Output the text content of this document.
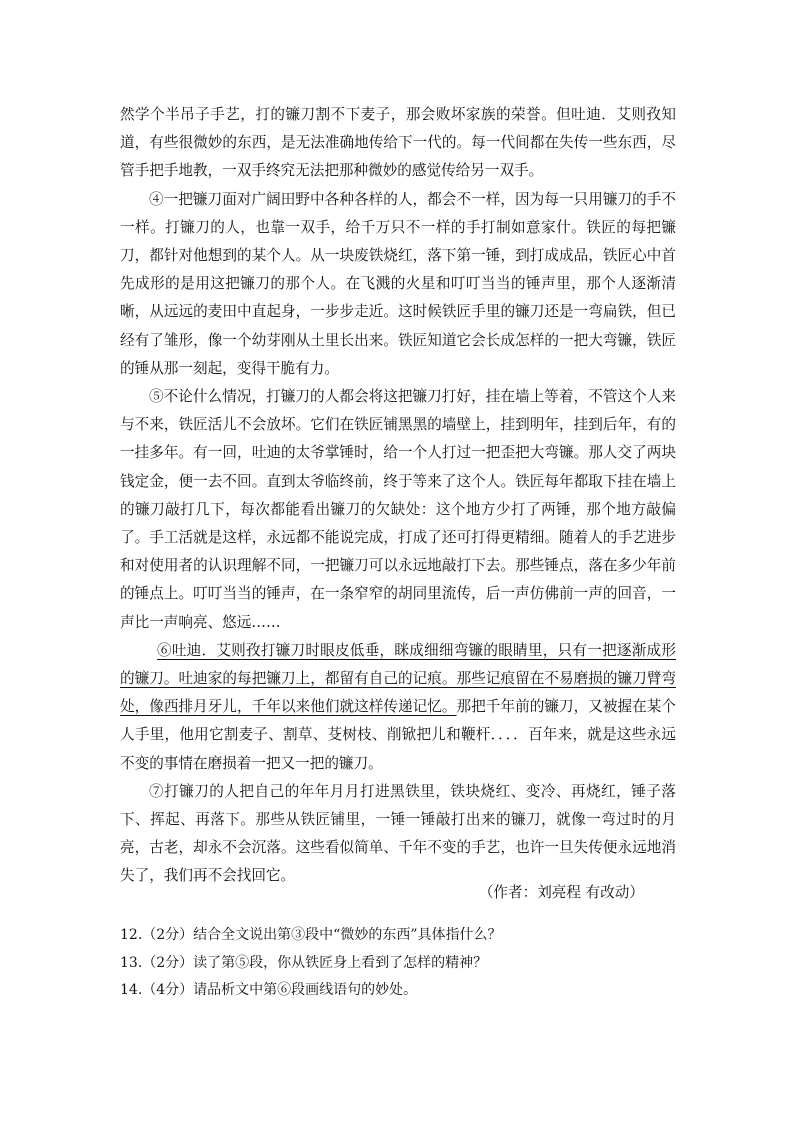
然学个半吊子手艺，打的镰刀割不下麦子，那会败坏家族的荣誉。但吐迪．艾则孜知道，有些很微妙的东西，是无法准确地传给下一代的。每一代间都在失传一些东西，尽管手把手地教，一双手终究无法把那种微妙的感觉传给另一双手。

④一把镰刀面对广阔田野中各种各样的人，都会不一样，因为每一只用镰刀的手不一样。打镰刀的人，也靠一双手，给千万只不一样的手打制如意家什。铁匠的每把镰刀，都针对他想到的某个人。从一块废铁烧红，落下第一锤，到打成成品，铁匠心中首先成形的是用这把镰刀的那个人。在飞溅的火星和叮叮当当的锤声里，那个人逐渐清晰，从远远的麦田中直起身，一步步走近。这时候铁匠手里的镰刀还是一弯扁铁，但已经有了雏形，像一个幼芽刚从土里长出来。铁匠知道它会长成怎样的一把大弯镰，铁匠的锤从那一刻起，变得干脆有力。

⑤不论什么情况，打镰刀的人都会将这把镰刀打好，挂在墙上等着，不管这个人来与不来，铁匠活儿不会放坏。它们在铁匠铺黑黑的墙壁上，挂到明年，挂到后年，有的一挂多年。有一回，吐迪的太爷掌锤时，给一个人打过一把歪把大弯镰。那人交了两块钱定金，便一去不回。直到太爷临终前，终于等来了这个人。铁匠每年都取下挂在墙上的镰刀敲打几下，每次都能看出镰刀的欠缺处：这个地方少打了两锤，那个地方敲偏了。手工活就是这样，永远都不能说完成，打成了还可打得更精细。随着人的手艺进步和对使用者的认识理解不同，一把镰刀可以永远地敲打下去。那些锤点，落在多少年前的锤点上。叮叮当当的锤声，在一条窄窄的胡同里流传，后一声仿佛前一声的回音，一声比一声响亮、悠远……

⑥吐迪．艾则孜打镰刀时眼皮低垂，眯成细细弯镰的眼睛里，只有一把逐渐成形的镰刀。吐迪家的每把镰刀上，都留有自己的记痕。那些记痕留在不易磨损的镰刀臂弯处，像西排月牙儿，千年以来他们就这样传递记忆。那把千年前的镰刀，又被握在某个人手里，他用它割麦子、割草、芟树枝、削锨把儿和鞭杆．．．．百年来，就是这些永远不变的事情在磨损着一把又一把的镰刀。

⑦打镰刀的人把自己的年年月月打进黑铁里，铁块烧红、变冷、再烧红，锤子落下、挥起、再落下。那些从铁匠铺里，一锤一锤敲打出来的镰刀，就像一弯过时的月亮，古老，却永不会沉落。这些看似简单、千年不变的手艺，也许一旦失传便永远地消失了，我们再不会找回它。

（作者：刘亮程 有改动）
12.（2分）结合全文说出第③段中“微妙的东西”具体指什么？
13.（2分）读了第⑤段，你从铁匠身上看到了怎样的精神？
14.（4分）请品析文中第⑥段画线语句的妙处。
